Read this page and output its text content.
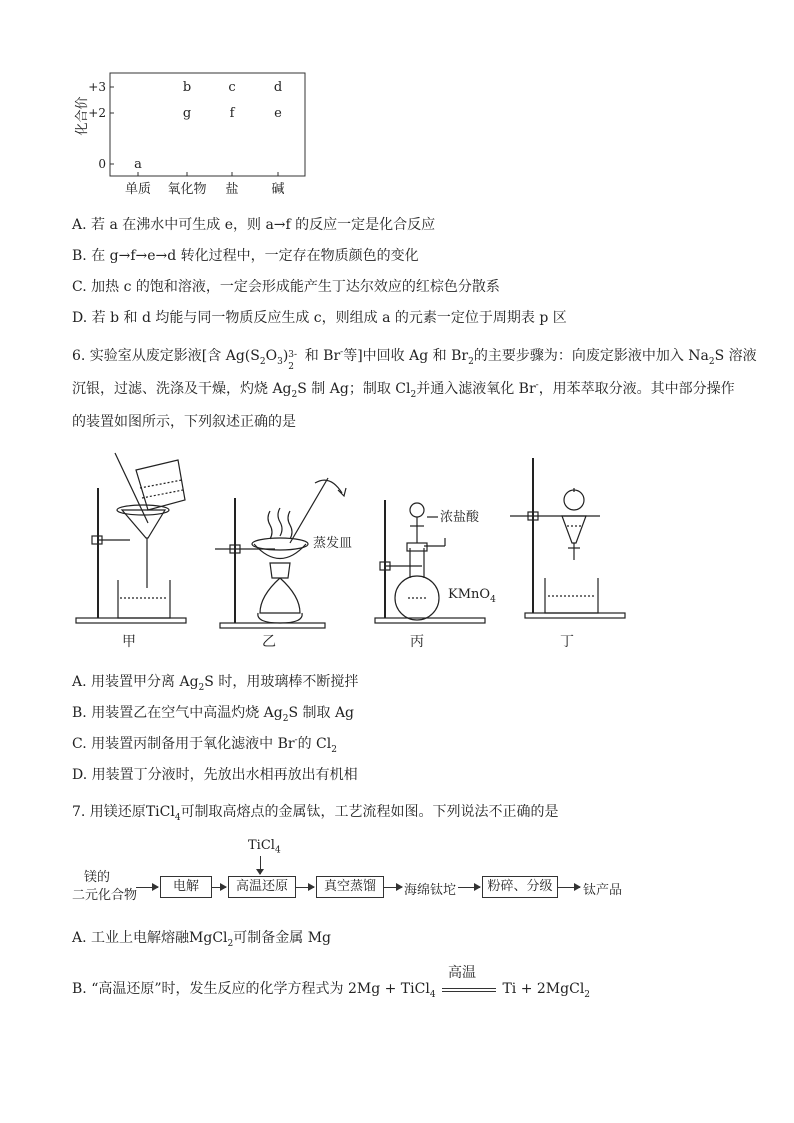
化合价
+3
+2
0
单质 氧化物 盐	碱
a
b
g
c
f
d
e
A. 若 a 在沸水中可生成 e，则 a→f 的反应一定是化合反应
B. 在 g→f→e→d 转化过程中，一定存在物质颜色的变化
C. 加热 c 的饱和溶液，一定会形成能产生丁达尔效应的红棕色分散系
D. 若 b 和 d 均能与同一物质反应生成 c，则组成 a 的元素一定位于周期表 p 区
6. 实验室从废定影液[含 $Ag(S_2O_3)$ 3-
2
和 Br-等]中回收 Ag 和 $Br_2$的主要步骤为：向废定影液中加入 $Na_2S$ 溶液
沉银，过滤、洗涤及干燥，灼烧 $Ag_2S$ 制 Ag；制取 $Cl_2$并通入滤液氧化 Br-，用苯萃取分液。其中部分操作
的装置如图所示，下列叙述正确的是
蒸发皿
浓盐酸
KMnO$_4$
甲	乙	丙	丁
A. 用装置甲分离 $Ag_2S$ 时，用玻璃棒不断搅拌
B. 用装置乙在空气中高温灼烧 $Ag_2S$ 制取 Ag
C. 用装置丙制备用于氧化滤液中 Br-的 $Cl_2$
D. 用装置丁分液时，先放出水相再放出有机相
7. 用镁还原TiCl$_4$可制取高熔点的金属钛，工艺流程如图。下列说法不正确的是
镁的
二元化合物
电解
TiCl$_4$
高温还原	真空蒸馏	海绵钛坨	粉碎、分级	钛产品
A. 工业上电解熔融MgCl$_2$可制备金属 Mg
B. “高温还原”时，发生反应的化学方程式为 2Mg + TiCl$_4$
高温
Ti + 2MgCl$_2$
